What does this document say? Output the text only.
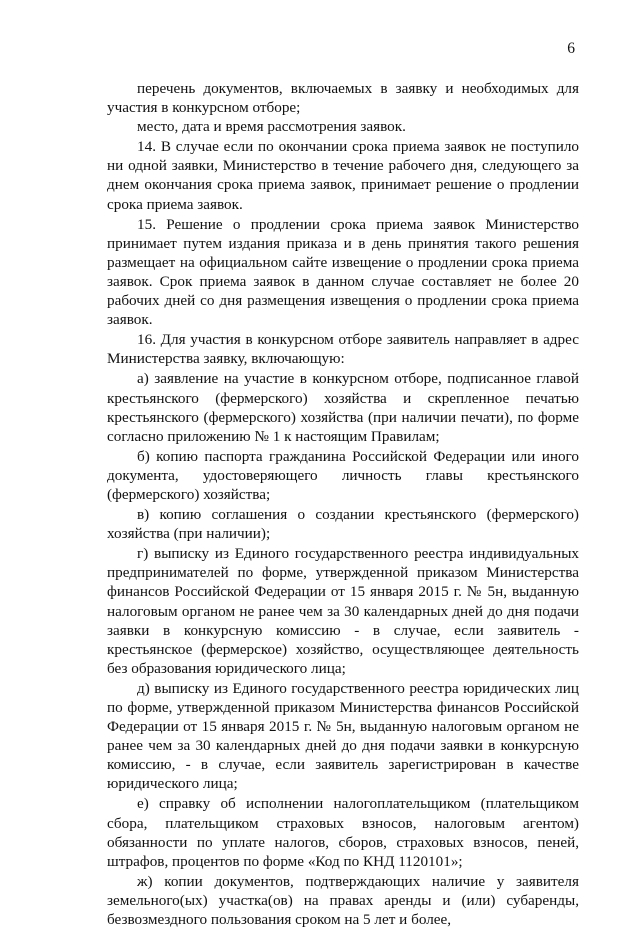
6

перечень документов, включаемых в заявку и необходимых для участия в конкурсном отборе;

место, дата и время рассмотрения заявок.

14. В случае если по окончании срока приема заявок не поступило ни одной заявки, Министерство в течение рабочего дня, следующего за днем окончания срока приема заявок, принимает решение о продлении срока приема заявок.

15. Решение о продлении срока приема заявок Министерство принимает путем издания приказа и в день принятия такого решения размещает на официальном сайте извещение о продлении срока приема заявок. Срок приема заявок в данном случае составляет не более 20 рабочих дней со дня размещения извещения о продлении срока приема заявок.

16. Для участия в конкурсном отборе заявитель направляет в адрес Министерства заявку, включающую:

а) заявление на участие в конкурсном отборе, подписанное главой крестьянского (фермерского) хозяйства и скрепленное печатью крестьянского (фермерского) хозяйства (при наличии печати), по форме согласно приложению № 1 к настоящим Правилам;

б) копию паспорта гражданина Российской Федерации или иного документа, удостоверяющего личность главы крестьянского (фермерского) хозяйства;

в) копию соглашения о создании крестьянского (фермерского) хозяйства (при наличии);

г) выписку из Единого государственного реестра индивидуальных предпринимателей по форме, утвержденной приказом Министерства финансов Российской Федерации от 15 января 2015 г. № 5н, выданную налоговым органом не ранее чем за 30 календарных дней до дня подачи заявки в конкурсную комиссию - в случае, если заявитель - крестьянское (фермерское) хозяйство, осуществляющее деятельность без образования юридического лица;

д) выписку из Единого государственного реестра юридических лиц по форме, утвержденной приказом Министерства финансов Российской Федерации от 15 января 2015 г. № 5н, выданную налоговым органом не ранее чем за 30 календарных дней до дня подачи заявки в конкурсную комиссию, - в случае, если заявитель зарегистрирован в качестве юридического лица;

е) справку об исполнении налогоплательщиком (плательщиком сбора, плательщиком страховых взносов, налоговым агентом) обязанности по уплате налогов, сборов, страховых взносов, пеней, штрафов, процентов по форме «Код по КНД 1120101»;

ж) копии документов, подтверждающих наличие у заявителя земельного(ых) участка(ов) на правах аренды и (или) субаренды, безвозмездного пользования сроком на 5 лет и более,
